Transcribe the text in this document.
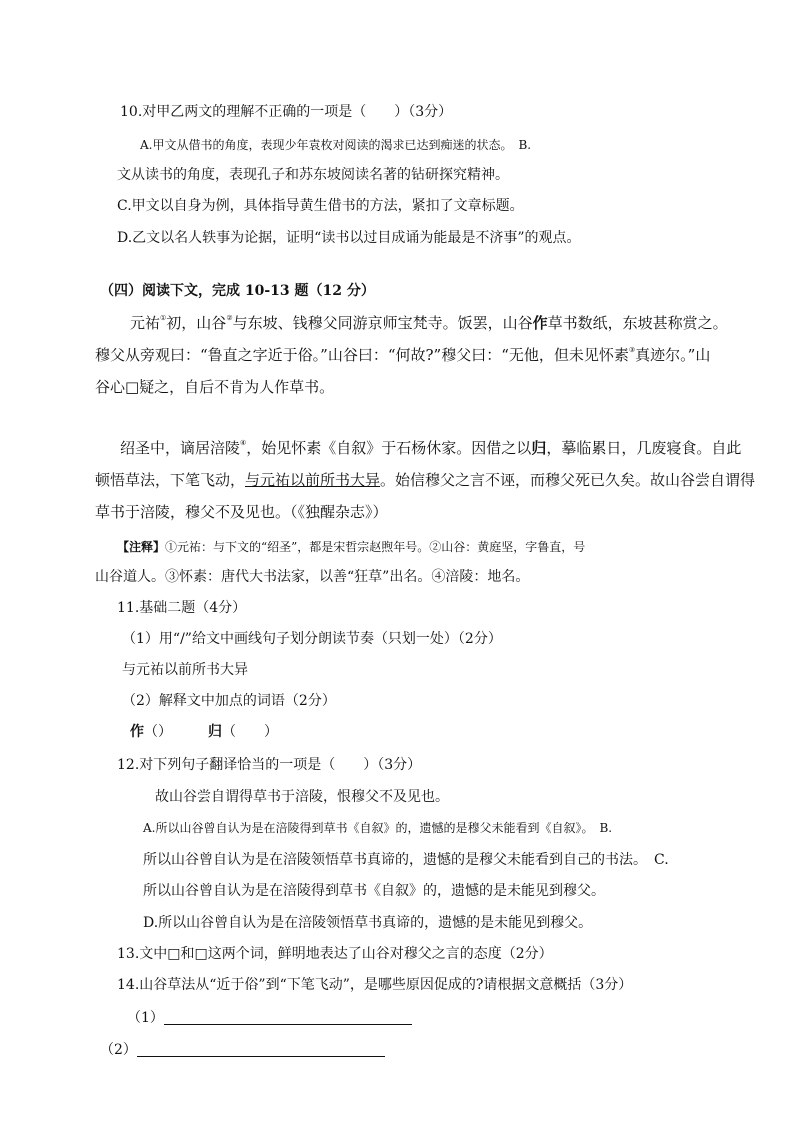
10.对甲乙两文的理解不正确的一项是（　　）（3分）
A.甲文从借书的角度，表现少年袁枚对阅读的渴求已达到痴迷的状态。　B.
文从读书的角度，表现孔子和苏东坡阅读名著的钻研探究精神。
C.甲文以自身为例，具体指导黄生借书的方法，紧扣了文章标题。
D.乙文以名人轶事为论据，证明“读书以过目成诵为能最是不济事”的观点。
（四）阅读下文，完成 10-13 题（12 分）
元祐①初，山谷②与东坡、钱穆父同游京师宝梵寺。饭罢，山谷作草书数纸，东坡甚称赏之。
穆父从旁观曰：“鲁直之字近于俗。”山谷曰：“何故?”穆父曰：“无他，但未见怀素③真迹尔。”山
谷心□疑之，自后不肯为人作草书。
绍圣中，谪居涪陵④，始见怀素《自叙》于石杨休家。因借之以归，摹临累日，几废寝食。自此
顿悟草法，下笔飞动，与元祐以前所书大异。始信穆父之言不诬，而穆父死已久矣。故山谷尝自谓得
草书于涪陵，穆父不及见也。（《独醒杂志》）
【注释】①元祐：与下文的“绍圣”，都是宋哲宗赵煦年号。②山谷：黄庭坚，字鲁直，号
山谷道人。③怀素：唐代大书法家，以善“狂草”出名。④涪陵：地名。
11.基础二题（4分）
（1）用“/”给文中画线句子划分朗读节奏（只划一处）（2分）
与元祐以前所书大异
（2）解释文中加点的词语（2分）
作（）	归（　　）
12.对下列句子翻译恰当的一项是（　　）（3分）
故山谷尝自谓得草书于涪陵，恨穆父不及见也。
A.所以山谷曾自认为是在涪陵得到草书《自叙》的，遗憾的是穆父未能看到《自叙》。　B.
所以山谷曾自认为是在涪陵领悟草书真谛的，遗憾的是穆父未能看到自己的书法。　C.
所以山谷曾自认为是在涪陵得到草书《自叙》的，遗憾的是未能见到穆父。
D.所以山谷曾自认为是在涪陵领悟草书真谛的，遗憾的是未能见到穆父。
13.文中□和□这两个词，鲜明地表达了山谷对穆父之言的态度（2分）
14.山谷草法从“近于俗”到“下笔飞动”，是哪些原因促成的?请根据文意概括（3分）
（1）
（2）
